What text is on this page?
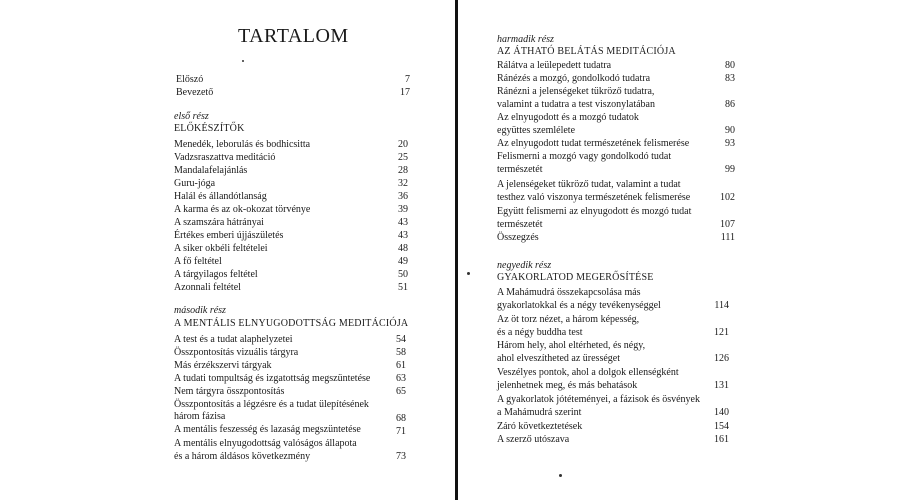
TARTALOM
Előszó	7
Bevezető	17
első rész
ELŐKÉSZÍTŐK
Menedék, leborulás és bodhicsitta	20
Vadzsraszattva meditáció	25
Mandalafelajánlás	28
Guru-jóga	32
Halál és állandótlanság	36
A karma és az ok-okozat törvénye	39
A szamszára hátrányai	43
Értékes emberi újjászületés	43
A siker okbéli feltételei	48
A fő feltétel	49
A tárgyilagos feltétel	50
Azonnali feltétel	51
második rész
A MENTÁLIS ELNYUGODOTTSÁG MEDITÁCIÓJA
A test és a tudat alaphelyzetei	54
Összpontosítás vizuális tárgyra	58
Más érzékszervi tárgyak	61
A tudati tompultság és izgatottság megszüntetése	63
Nem tárgyra összpontosítás	65
Összpontosítás a légzésre és a tudat ülepítésének
három fázisa	68
A mentális feszesség és lazaság megszüntetése	71
A mentális elnyugodottság valóságos állapota
és a három áldásos következmény	73
harmadik rész
AZ ÁTHATÓ BELÁTÁS MEDITÁCIÓJA
Rálátva a leülepedett tudatra	80
Ránézés a mozgó, gondolkodó tudatra	83
Ránézni a jelenségeket tükröző tudatra,
valamint a tudatra a test viszonylatában	86
Az elnyugodott és a mozgó tudatok
együttes szemlélete	90
Az elnyugodott tudat természetének felismerése	93
Felismerni a mozgó vagy gondolkodó tudat
természetét	99
A jelenségeket tükröző tudat, valamint a tudat
testhez való viszonya természetének felismerése	102
Együtt felismerni az elnyugodott és mozgó tudat
természetét	107
Összegzés	111
negyedik rész
GYAKORLATOD MEGERŐSÍTÉSE
A Mahámudrá összekapcsolása más
gyakorlatokkal és a négy tevékenységgel	114
Az öt torz nézet, a három képesség,
és a négy buddha test	121
Három hely, ahol eltérheted, és négy,
ahol elveszítheted az ürességet	126
Veszélyes pontok, ahol a dolgok ellenségként
jelenhetnek meg, és más behatások	131
A gyakorlatok jótéteményei, a fázisok és ösvények
a Mahámudrá szerint	140
Záró következtetések	154
A szerző utószava	161
